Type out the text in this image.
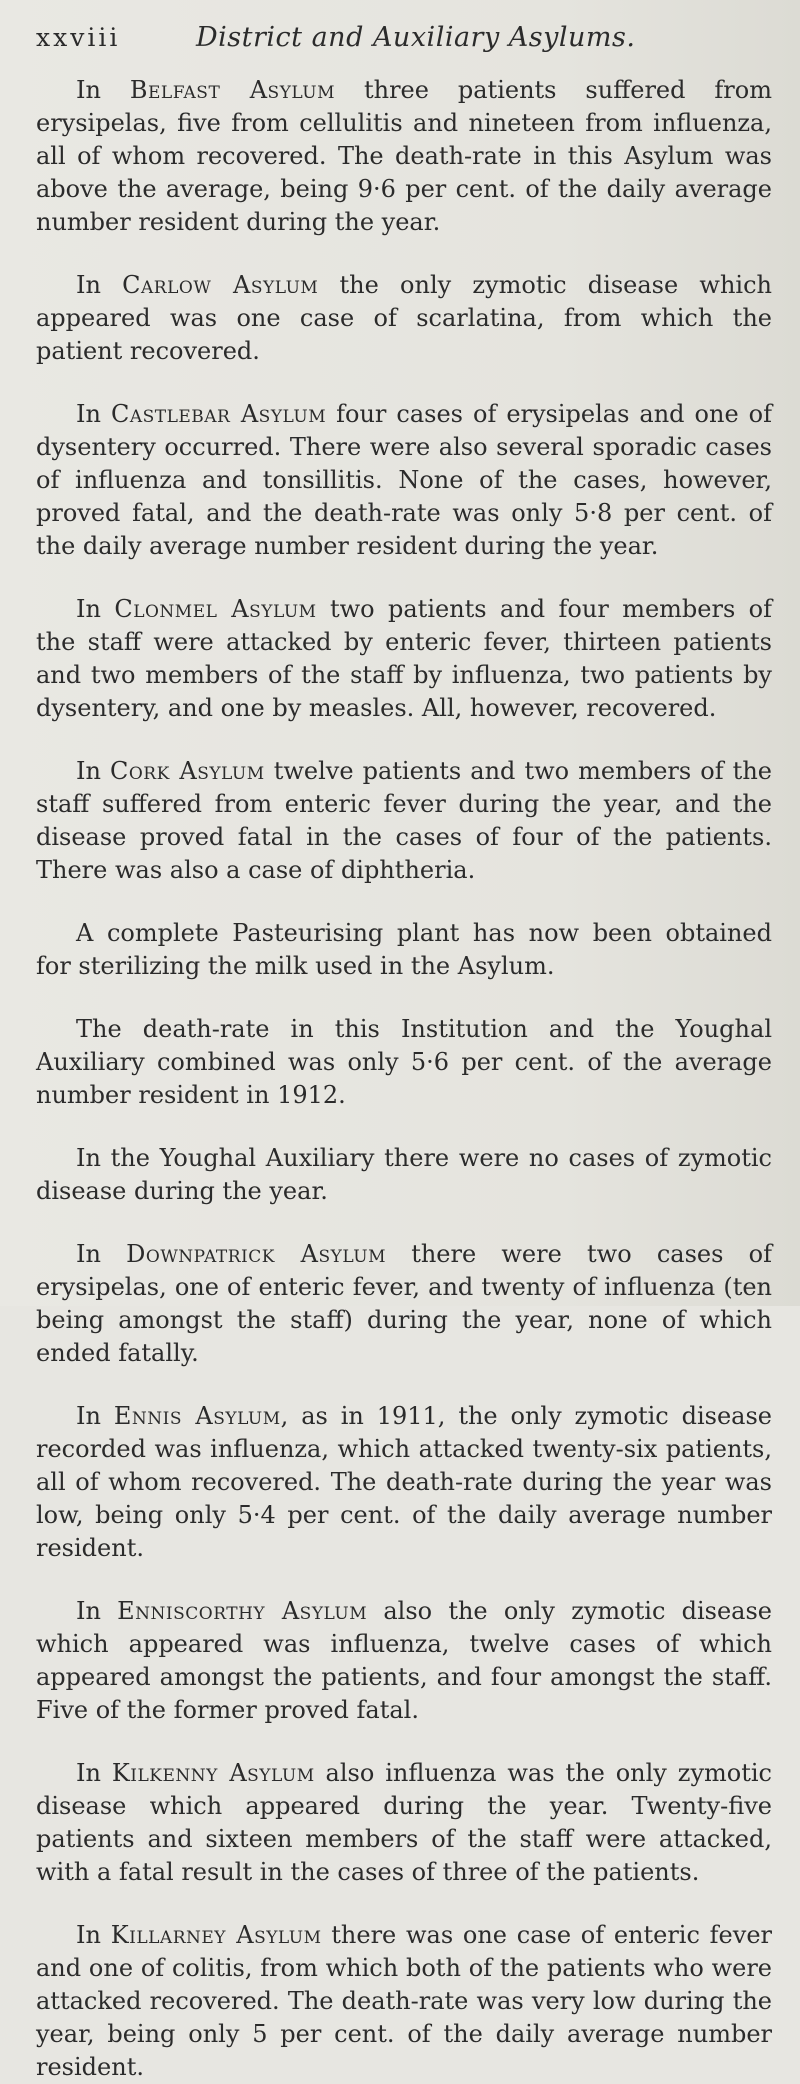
xxviii	District and Auxiliary Asylums.

In Belfast Asylum three patients suffered from erysipelas, five from cellulitis and nineteen from influenza, all of whom recovered. The death-rate in this Asylum was above the average, being 9·6 per cent. of the daily average number resident during the year.

In Carlow Asylum the only zymotic disease which appeared was one case of scarlatina, from which the patient recovered.

In Castlebar Asylum four cases of erysipelas and one of dysentery occurred. There were also several sporadic cases of influenza and tonsillitis. None of the cases, however, proved fatal, and the death-rate was only 5·8 per cent. of the daily average number resident during the year.

In Clonmel Asylum two patients and four members of the staff were attacked by enteric fever, thirteen patients and two members of the staff by influenza, two patients by dysentery, and one by measles. All, however, recovered.

In Cork Asylum twelve patients and two members of the staff suffered from enteric fever during the year, and the disease proved fatal in the cases of four of the patients. There was also a case of diphtheria.

A complete Pasteurising plant has now been obtained for sterilizing the milk used in the Asylum.

The death-rate in this Institution and the Youghal Auxiliary combined was only 5·6 per cent. of the average number resident in 1912.

In the Youghal Auxiliary there were no cases of zymotic disease during the year.

In Downpatrick Asylum there were two cases of erysipelas, one of enteric fever, and twenty of influenza (ten being amongst the staff) during the year, none of which ended fatally.

In Ennis Asylum, as in 1911, the only zymotic disease recorded was influenza, which attacked twenty-six patients, all of whom recovered. The death-rate during the year was low, being only 5·4 per cent. of the daily average number resident.

In Enniscorthy Asylum also the only zymotic disease which appeared was influenza, twelve cases of which appeared amongst the patients, and four amongst the staff. Five of the former proved fatal.

In Kilkenny Asylum also influenza was the only zymotic disease which appeared during the year. Twenty-five patients and sixteen members of the staff were attacked, with a fatal result in the cases of three of the patients.

In Killarney Asylum there was one case of enteric fever and one of colitis, from which both of the patients who were attacked recovered. The death-rate was very low during the year, being only 5 per cent. of the daily average number resident.
